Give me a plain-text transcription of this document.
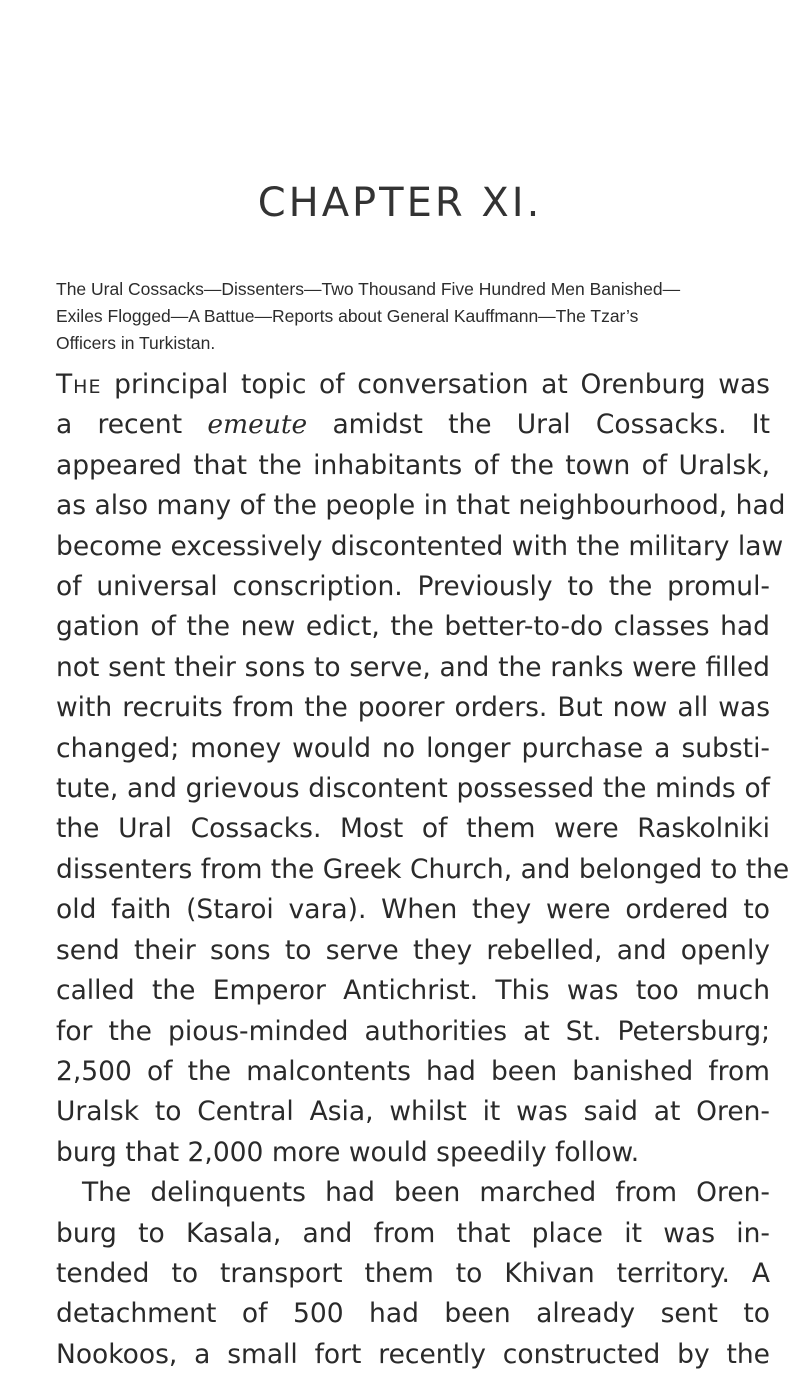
CHAPTER XI.
The Ural Cossacks—Dissenters—Two Thousand Five Hundred Men Banished—
Exiles Flogged—A Battue—Reports about General Kauffmann—The Tzar’s
Officers in Turkistan.
The principal topic of conversation at Orenburg was
a recent emeute amidst the Ural Cossacks. It
appeared that the inhabitants of the town of Uralsk,
as also many of the people in that neighbourhood, had
become excessively discontented with the military law
of universal conscription. Previously to the promul-
gation of the new edict, the better-to-do classes had
not sent their sons to serve, and the ranks were filled
with recruits from the poorer orders. But now all was
changed; money would no longer purchase a substi-
tute, and grievous discontent possessed the minds of
the Ural Cossacks. Most of them were Raskolniki
dissenters from the Greek Church, and belonged to the
old faith (Staroi vara). When they were ordered to
send their sons to serve they rebelled, and openly
called the Emperor Antichrist. This was too much
for the pious-minded authorities at St. Petersburg;
2,500 of the malcontents had been banished from
Uralsk to Central Asia, whilst it was said at Oren-
burg that 2,000 more would speedily follow.
The delinquents had been marched from Oren-
burg to Kasala, and from that place it was in-
tended to transport them to Khivan territory. A
detachment of 500 had been already sent to
Nookoos, a small fort recently constructed by the
